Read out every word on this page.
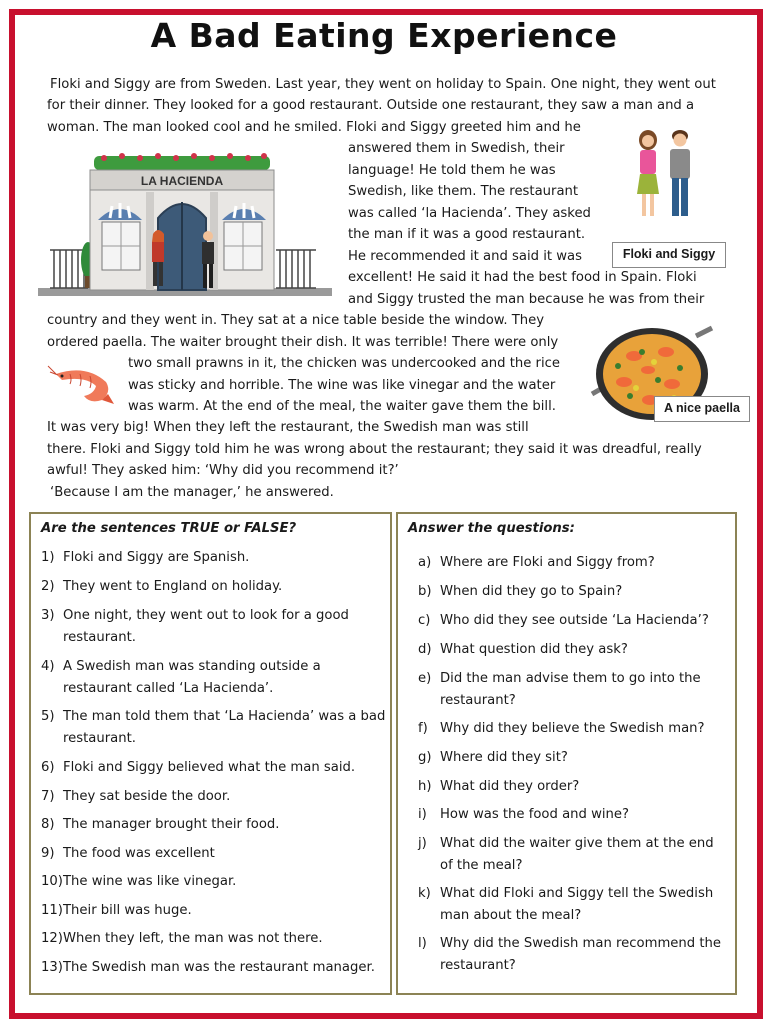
A Bad Eating Experience
Floki and Siggy are from Sweden. Last year, they went on holiday to Spain. One night, they went out
for their dinner. They looked for a good restaurant. Outside one restaurant, they saw a man and a
woman. The man looked cool and he smiled. Floki and Siggy greeted him and he
answered them in Swedish, their
language! He told them he was
Swedish, like them. The restaurant
was called ‘la Hacienda’. They asked
the man if it was a good restaurant.
He recommended it and said it was
excellent! He said it had the best food in Spain. Floki
and Siggy trusted the man because he was from their
country and they went in. They sat at a nice table beside the window. They
ordered paella. The waiter brought their dish. It was terrible! There were only
two small prawns in it, the chicken was undercooked and the rice
was sticky and horrible. The wine was like vinegar and the water
was warm. At the end of the meal, the waiter gave them the bill.
It was very big! When they left the restaurant, the Swedish man was still
there. Floki and Siggy told him he was wrong about the restaurant; they said it was dreadful, really
awful! They asked him: ‘Why did you recommend it?’
‘Because I am the manager,’ he answered.
LA HACIENDA
Floki and Siggy
A nice paella
Are the sentences TRUE or FALSE?
1) Floki and Siggy are Spanish.
2) They went to England on holiday.
3) One night, they went out to look for a good
restaurant.
4) A Swedish man was standing outside a
restaurant called ‘La Hacienda’.
5) The man told them that ‘La Hacienda’ was a bad
restaurant.
6) Floki and Siggy believed what the man said.
7) They sat beside the door.
8) The manager brought their food.
9) The food was excellent
10) The wine was like vinegar.
11) Their bill was huge.
12) When they left, the man was not there.
13) The Swedish man was the restaurant manager.
Answer the questions:
a) Where are Floki and Siggy from?
b) When did they go to Spain?
c) Who did they see outside ‘La Hacienda’?
d) What question did they ask?
e) Did the man advise them to go into the
restaurant?
f) Why did they believe the Swedish man?
g) Where did they sit?
h) What did they order?
i) How was the food and wine?
j) What did the waiter give them at the end
of the meal?
k) What did Floki and Siggy tell the Swedish
man about the meal?
l) Why did the Swedish man recommend the
restaurant?
